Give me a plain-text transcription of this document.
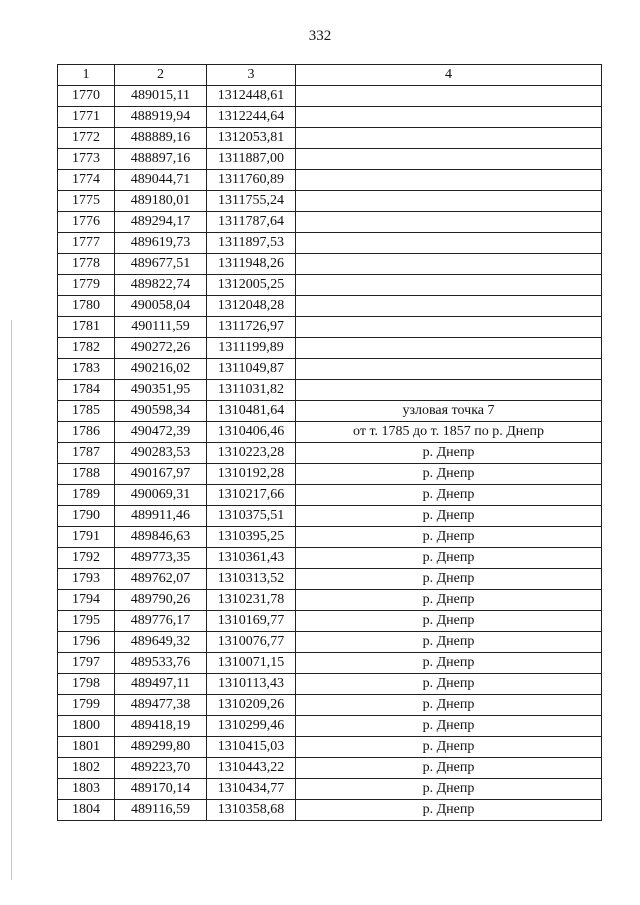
332
1	2	3	4
1770	489015,11	1312448,61	
1771	488919,94	1312244,64	
1772	488889,16	1312053,81	
1773	488897,16	1311887,00	
1774	489044,71	1311760,89	
1775	489180,01	1311755,24	
1776	489294,17	1311787,64	
1777	489619,73	1311897,53	
1778	489677,51	1311948,26	
1779	489822,74	1312005,25	
1780	490058,04	1312048,28	
1781	490111,59	1311726,97	
1782	490272,26	1311199,89	
1783	490216,02	1311049,87	
1784	490351,95	1311031,82	
1785	490598,34	1310481,64	узловая точка 7
1786	490472,39	1310406,46	от т. 1785 до т. 1857 по р. Днепр
1787	490283,53	1310223,28	р. Днепр
1788	490167,97	1310192,28	р. Днепр
1789	490069,31	1310217,66	р. Днепр
1790	489911,46	1310375,51	р. Днепр
1791	489846,63	1310395,25	р. Днепр
1792	489773,35	1310361,43	р. Днепр
1793	489762,07	1310313,52	р. Днепр
1794	489790,26	1310231,78	р. Днепр
1795	489776,17	1310169,77	р. Днепр
1796	489649,32	1310076,77	р. Днепр
1797	489533,76	1310071,15	р. Днепр
1798	489497,11	1310113,43	р. Днепр
1799	489477,38	1310209,26	р. Днепр
1800	489418,19	1310299,46	р. Днепр
1801	489299,80	1310415,03	р. Днепр
1802	489223,70	1310443,22	р. Днепр
1803	489170,14	1310434,77	р. Днепр
1804	489116,59	1310358,68	р. Днепр
